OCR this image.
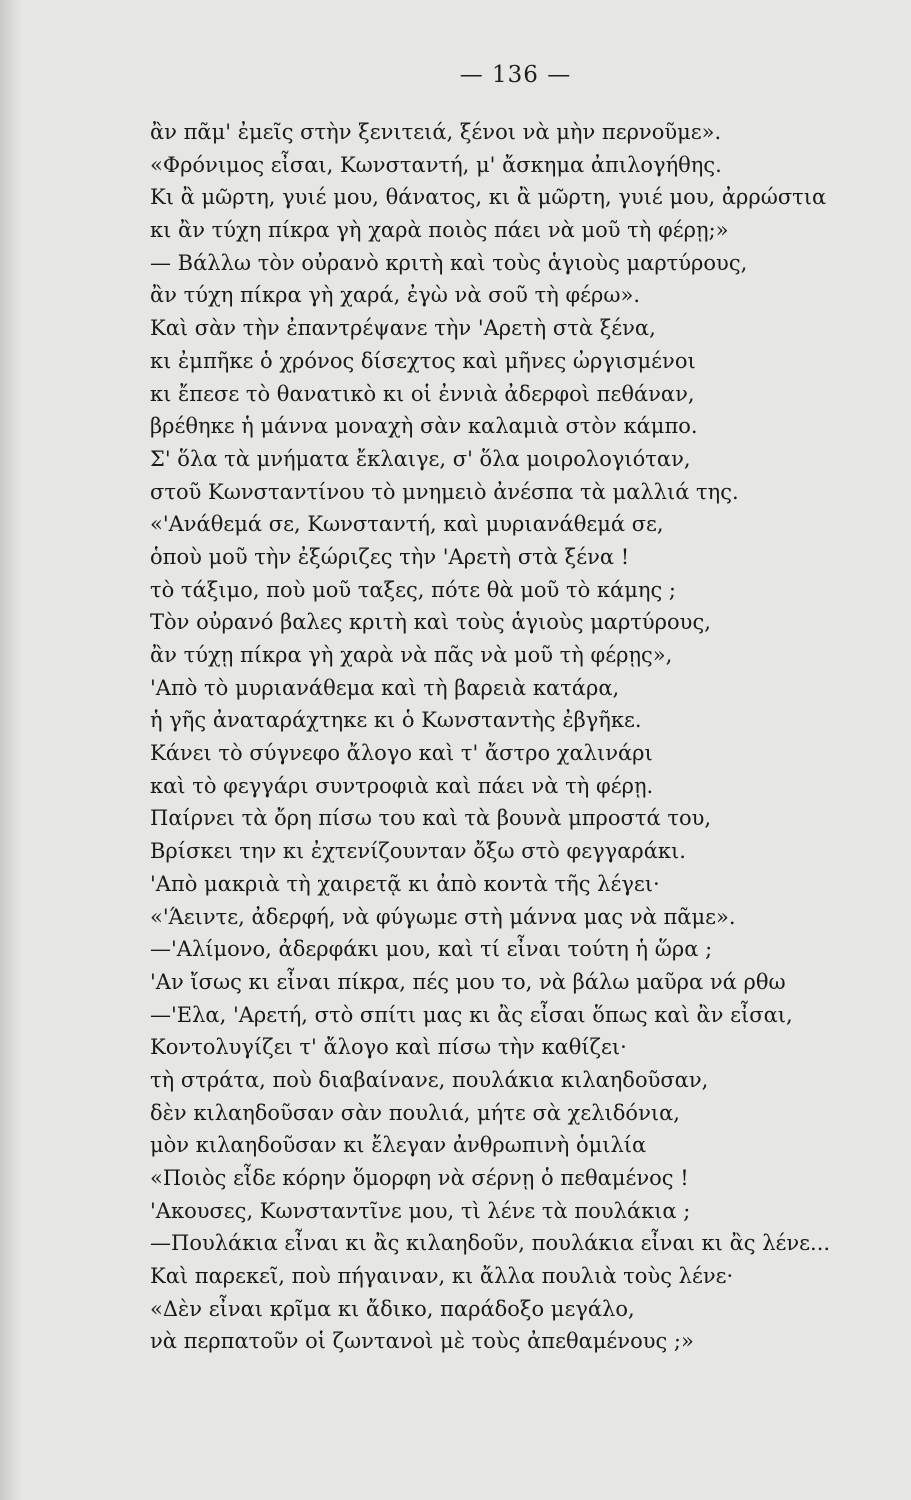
— 136 —
ἂν πᾶμ' ἐμεῖς στὴν ξενιτειά, ξένοι νὰ μὴν περνοῦμε».
«Φρόνιμος εἶσαι, Κωνσταντή, μ' ἄσκημα ἀπιλογήθης.
Κι ἂ μῶρτη, γυιέ μου, θάνατος, κι ἂ μῶρτη, γυιέ μου, ἀρρώστια
κι ἂν τύχη πίκρα γὴ χαρὰ ποιὸς πάει νὰ μοῦ τὴ φέρῃ;»
— Βάλλω τὸν οὐρανὸ κριτὴ καὶ τοὺς ἁγιοὺς μαρτύρους,
ἂν τύχη πίκρα γὴ χαρά, ἐγὼ νὰ σοῦ τὴ φέρω».
Καὶ σὰν τὴν ἐπαντρέψανε τὴν 'Αρετὴ στὰ ξένα,
κι ἐμπῆκε ὁ χρόνος δίσεχτος καὶ μῆνες ὠργισμένοι
κι ἔπεσε τὸ θανατικὸ κι οἱ ἐννιὰ ἀδερφοὶ πεθάναν,
βρέθηκε ἡ μάννα μοναχὴ σὰν καλαμιὰ στὸν κάμπο.
Σ' ὅλα τὰ μνήματα ἔκλαιγε, σ' ὅλα μοιρολογιόταν,
στοῦ Κωνσταντίνου τὸ μνημειὸ ἀνέσπα τὰ μαλλιά της.
«'Ανάθεμά σε, Κωνσταντή, καὶ μυριανάθεμά σε,
ὁποὺ μοῦ τὴν ἐξώριζες τὴν 'Αρετὴ στὰ ξένα !
τὸ τάξιμο, ποὺ μοῦ ταξες, πότε θὰ μοῦ τὸ κάμης ;
Τὸν οὐρανό βαλες κριτὴ καὶ τοὺς ἁγιοὺς μαρτύρους,
ἂν τύχῃ πίκρα γὴ χαρὰ νὰ πᾶς νὰ μοῦ τὴ φέρῃς»,
'Απὸ τὸ μυριανάθεμα καὶ τὴ βαρειὰ κατάρα,
ἡ γῆς ἀναταράχτηκε κι ὁ Κωνσταντὴς ἐβγῆκε.
Κάνει τὸ σύγνεφο ἄλογο καὶ τ' ἄστρο χαλινάρι
καὶ τὸ φεγγάρι συντροφιὰ καὶ πάει νὰ τὴ φέρῃ.
Παίρνει τὰ ὄρη πίσω του καὶ τὰ βουνὰ μπροστά του,
Βρίσκει την κι ἐχτενίζουνταν ὄξω στὸ φεγγαράκι.
'Απὸ μακριὰ τὴ χαιρετᾷ κι ἀπὸ κοντὰ τῆς λέγει·
«'Άειντε, ἀδερφή, νὰ φύγωμε στὴ μάννα μας νὰ πᾶμε».
—'Αλίμονο, ἀδερφάκι μου, καὶ τί εἶναι τούτη ἡ ὥρα ;
'Αν ἴσως κι εἶναι πίκρα, πές μου το, νὰ βάλω μαῦρα νά ρθω
—'Ελα, 'Αρετή, στὸ σπίτι μας κι ἂς εἶσαι ὅπως καὶ ἂν εἶσαι,
Κοντολυγίζει τ' ἄλογο καὶ πίσω τὴν καθίζει·
τὴ στράτα, ποὺ διαβαίνανε, πουλάκια κιλαηδοῦσαν,
δὲν κιλαηδοῦσαν σὰν πουλιά, μήτε σὰ χελιδόνια,
μὸν κιλαηδοῦσαν κι ἔλεγαν ἀνθρωπινὴ ὁμιλία
«Ποιὸς εἶδε κόρην ὅμορφη νὰ σέρνῃ ὁ πεθαμένος !
'Ακουσες, Κωνσταντῖνε μου, τὶ λένε τὰ πουλάκια ;
—Πουλάκια εἶναι κι ἂς κιλαηδοῦν, πουλάκια εἶναι κι ἂς λένε...
Καὶ παρεκεῖ, ποὺ πήγαιναν, κι ἄλλα πουλιὰ τοὺς λένε·
«Δὲν εἶναι κρῖμα κι ἄδικο, παράδοξο μεγάλο,
νὰ περπατοῦν οἱ ζωντανοὶ μὲ τοὺς ἀπεθαμένους ;»
